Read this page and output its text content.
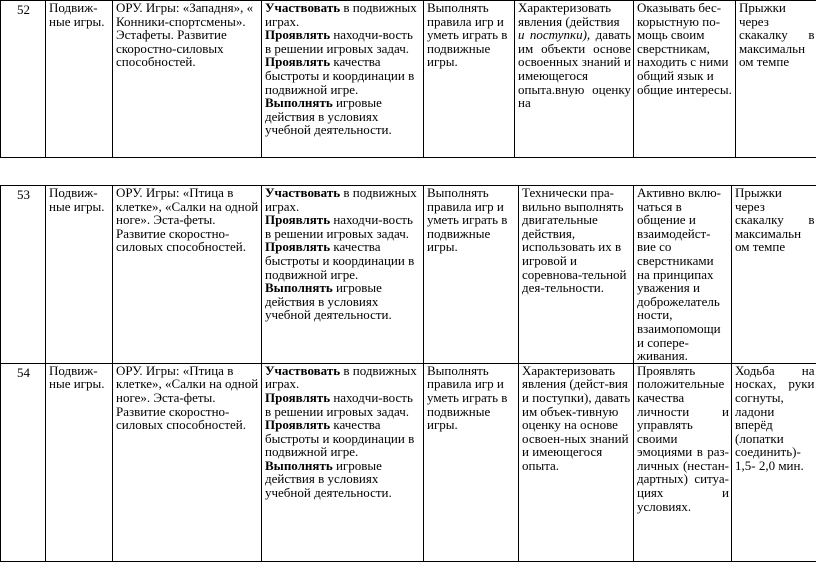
52	Подвиж-
ные игры.	ОРУ. Игры: «Западня», « Конники-спортсмены». Эстафеты. Развитие скоростно-силовых способностей.	Участвовать в подвижных играх.
Проявлять находчи-вость в решении игровых задач.
Проявлять качества быстроты и координации в подвижной игре.
Выполнять игровые действия в условиях учебной деятельности.	Выполнять правила игр и уметь играть в подвижные игры.	Характеризовать явления (действия
и поступки), давать им объекти основе освоенных знаний и имеющегося опыта.вную оценку на	Оказывать бес-корыстную по-мощь своим сверстникам, находить с ними общий язык и общие интересы.	Прыжки через скакалку в максимальн ом темпе
53	Подвиж-
ные игры.	ОРУ. Игры: «Птица в клетке», «Салки на одной ноге». Эста-феты. Развитие скоростно-силовых способностей.	Участвовать в подвижных играх.
Проявлять находчи-вость в решении игровых задач.
Проявлять качества быстроты и координации в подвижной игре.
Выполнять игровые действия в условиях учебной деятельности.	Выполнять правила игр и уметь играть в подвижные игры.	Технически пра-вильно выполнять двигательные действия, использовать их в игровой и соревнова-тельной дея-тельности.	Активно вклю-чаться в общение и взаимодейст-вие со сверстниками на принципах уважения и доброжелатель ности, взаимопомощи и сопере-живания.	Прыжки через скакалку в максимальн ом темпе
54	Подвиж-
ные игры.	ОРУ. Игры: «Птица в клетке», «Салки на одной ноге». Эста-феты. Развитие скоростно-силовых способностей.	Участвовать в подвижных играх.
Проявлять находчи-вость в решении игровых задач.
Проявлять качества быстроты и координации в подвижной игре.
Выполнять игровые действия в условиях учебной деятельности.	Выполнять правила игр и уметь играть в подвижные игры.	Характеризовать явления (дейст-вия и поступки), давать им объек-тивную оценку на основе освоен-ных знаний и имеющегося опыта.	Проявлять положительные качества личности и управлять своими эмоциями в раз-личных (нестан-дартных) ситуа-циях и условиях.	Ходьба на носках, руки согнуты, ладони вперёд (лопатки соединить)- 1,5- 2,0 мин.
